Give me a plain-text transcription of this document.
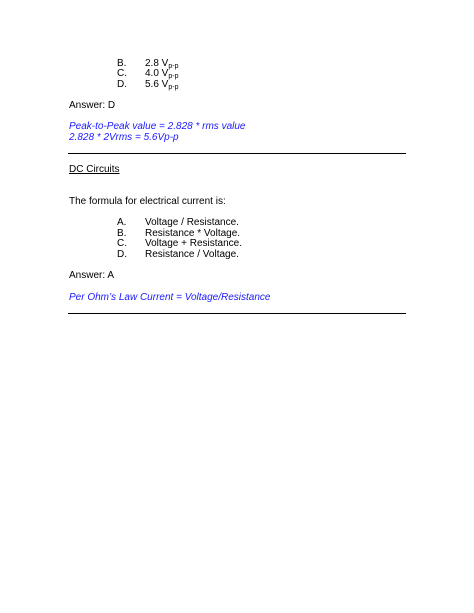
B. 2.8 $V_{p-p}$
C. 4.0 $V_{p-p}$
D. 5.6 $V_{p-p}$
Answer: D
Peak-to-Peak value = 2.828 * rms value
2.828 * 2Vrms = 5.6Vp-p
DC Circuits
The formula for electrical current is:
A. Voltage / Resistance.
B. Resistance * Voltage.
C. Voltage + Resistance.
D. Resistance / Voltage.
Answer: A
Per Ohm’s Law Current = Voltage/Resistance
